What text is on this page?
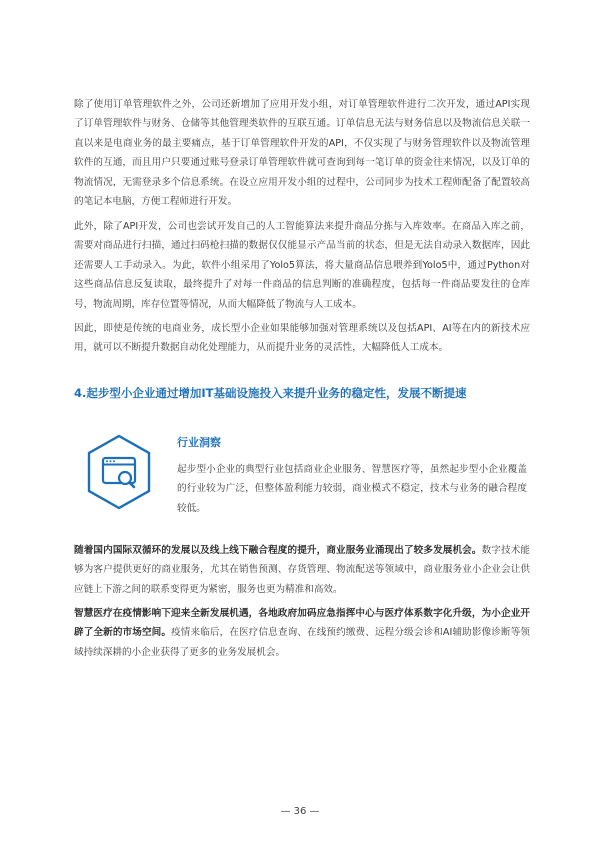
除了使用订单管理软件之外，公司还新增加了应用开发小组，对订单管理软件进行二次开发，通过API实现了订单管理软件与财务、仓储等其他管理类软件的互联互通。订单信息无法与财务信息以及物流信息关联一直以来是电商业务的最主要痛点，基于订单管理软件开发的API，不仅实现了与财务管理软件以及物流管理软件的互通，而且用户只要通过账号登录订单管理软件就可查询到每一笔订单的资金往来情况，以及订单的物流情况，无需登录多个信息系统。在设立应用开发小组的过程中，公司同步为技术工程师配备了配置较高的笔记本电脑，方便工程师进行开发。

此外，除了API开发，公司也尝试开发自己的人工智能算法来提升商品分拣与入库效率。在商品入库之前，需要对商品进行扫描，通过扫码枪扫描的数据仅仅能显示产品当前的状态，但是无法自动录入数据库，因此还需要人工手动录入。为此，软件小组采用了Yolo5算法，将大量商品信息喂养到Yolo5中，通过Python对这些商品信息反复读取，最终提升了对每一件商品的信息判断的准确程度，包括每一件商品要发往的仓库号，物流周期，库存位置等情况，从而大幅降低了物流与人工成本。

因此，即使是传统的电商业务，成长型小企业如果能够加强对管理系统以及包括API、AI等在内的新技术应用，就可以不断提升数据自动化处理能力，从而提升业务的灵活性，大幅降低人工成本。

4.起步型小企业通过增加IT基础设施投入来提升业务的稳定性，发展不断提速
行业洞察

起步型小企业的典型行业包括商业企业服务、智慧医疗等，虽然起步型小企业覆盖的行业较为广泛，但整体盈利能力较弱，商业模式不稳定，技术与业务的融合程度较低。

随着国内国际双循环的发展以及线上线下融合程度的提升，商业服务业涌现出了较多发展机会。数字技术能够为客户提供更好的商业服务，尤其在销售预测、存货管理、物流配送等领域中，商业服务业小企业会让供应链上下游之间的联系变得更为紧密，服务也更为精准和高效。

智慧医疗在疫情影响下迎来全新发展机遇，各地政府加码应急指挥中心与医疗体系数字化升级，为小企业开辟了全新的市场空间。疫情来临后，在医疗信息查询、在线预约缴费、远程分级会诊和AI辅助影像诊断等领域持续深耕的小企业获得了更多的业务发展机会。

— 36 —
